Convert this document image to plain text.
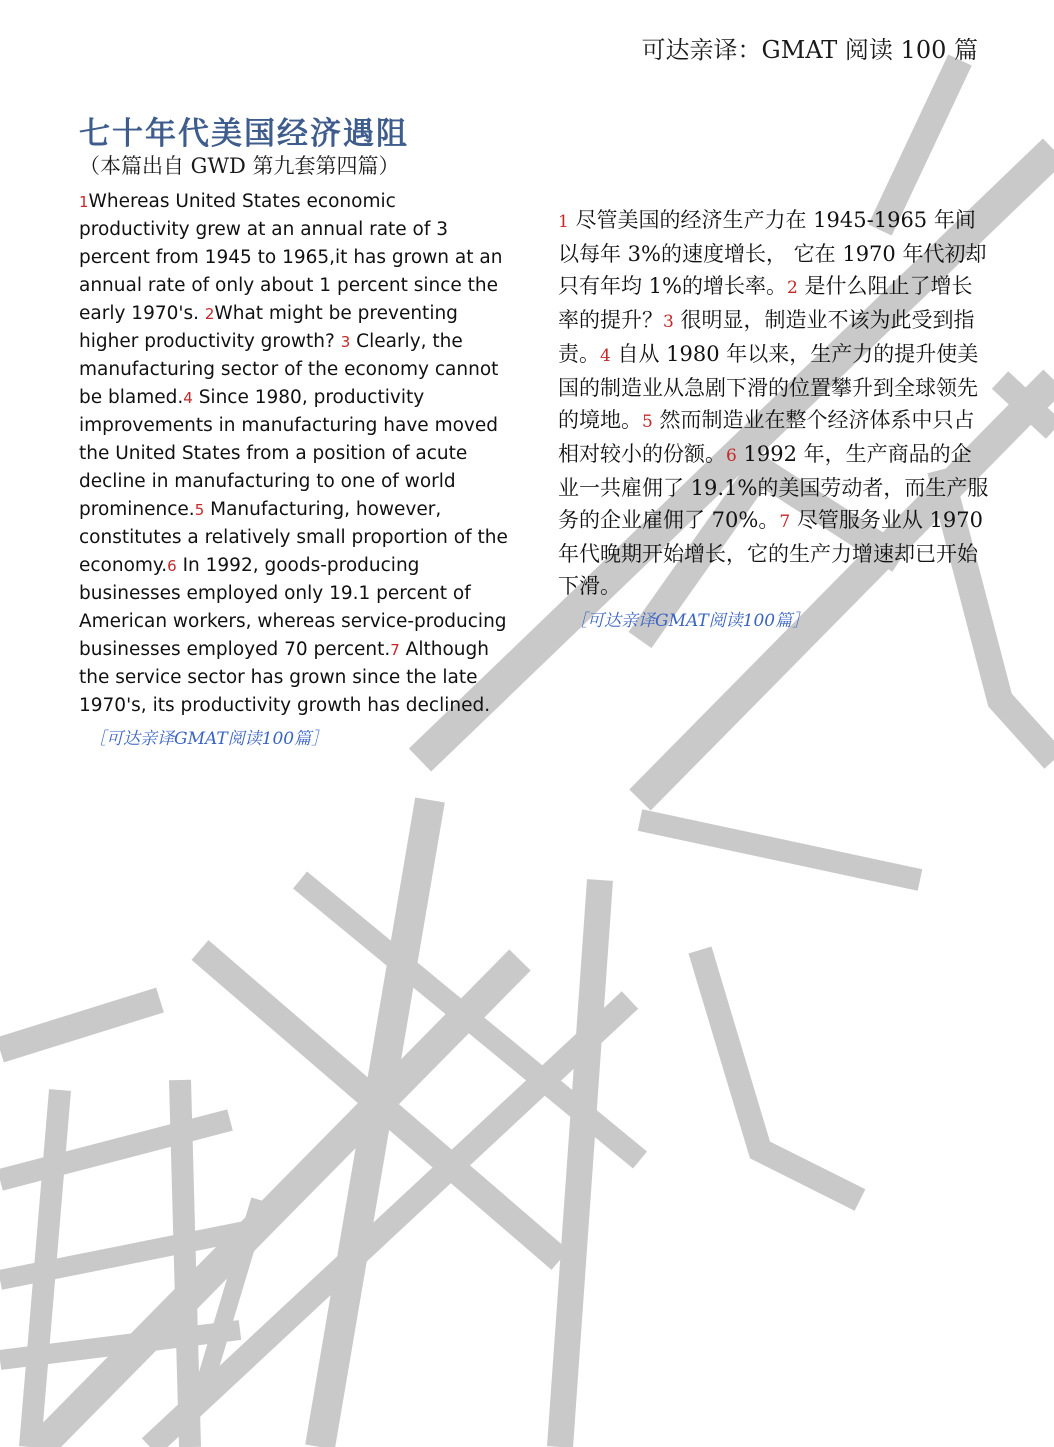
可达亲译：GMAT 阅读 100 篇
七十年代美国经济遇阻
（本篇出自 GWD 第九套第四篇）
1Whereas United States economic productivity grew at an annual rate of 3 percent from 1945 to 1965,it has grown at an annual rate of only about 1 percent since the early 1970's. 2What might be preventing higher productivity growth? 3 Clearly, the manufacturing sector of the economy cannot be blamed.4 Since 1980, productivity improvements in manufacturing have moved the United States from a position of acute decline in manufacturing to one of world prominence.5 Manufacturing, however, constitutes a relatively small proportion of the economy.6 In 1992, goods-producing businesses employed only 19.1 percent of American workers, whereas service-producing businesses employed 70 percent.7 Although the service sector has grown since the late 1970's, its productivity growth has declined.
［可达亲译GMAT阅读100篇］
1 尽管美国的经济生产力在 1945-1965 年间以每年 3%的速度增长， 它在 1970 年代初却只有年均 1%的增长率。2 是什么阻止了增长率的提升？3 很明显，制造业不该为此受到指责。4 自从 1980 年以来，生产力的提升使美国的制造业从急剧下滑的位置攀升到全球领先的境地。5 然而制造业在整个经济体系中只占相对较小的份额。6 1992 年，生产商品的企业一共雇佣了 19.1%的美国劳动者，而生产服务的企业雇佣了 70%。7 尽管服务业从 1970 年代晚期开始增长，它的生产力增速却已开始下滑。
［可达亲译GMAT阅读100篇］
